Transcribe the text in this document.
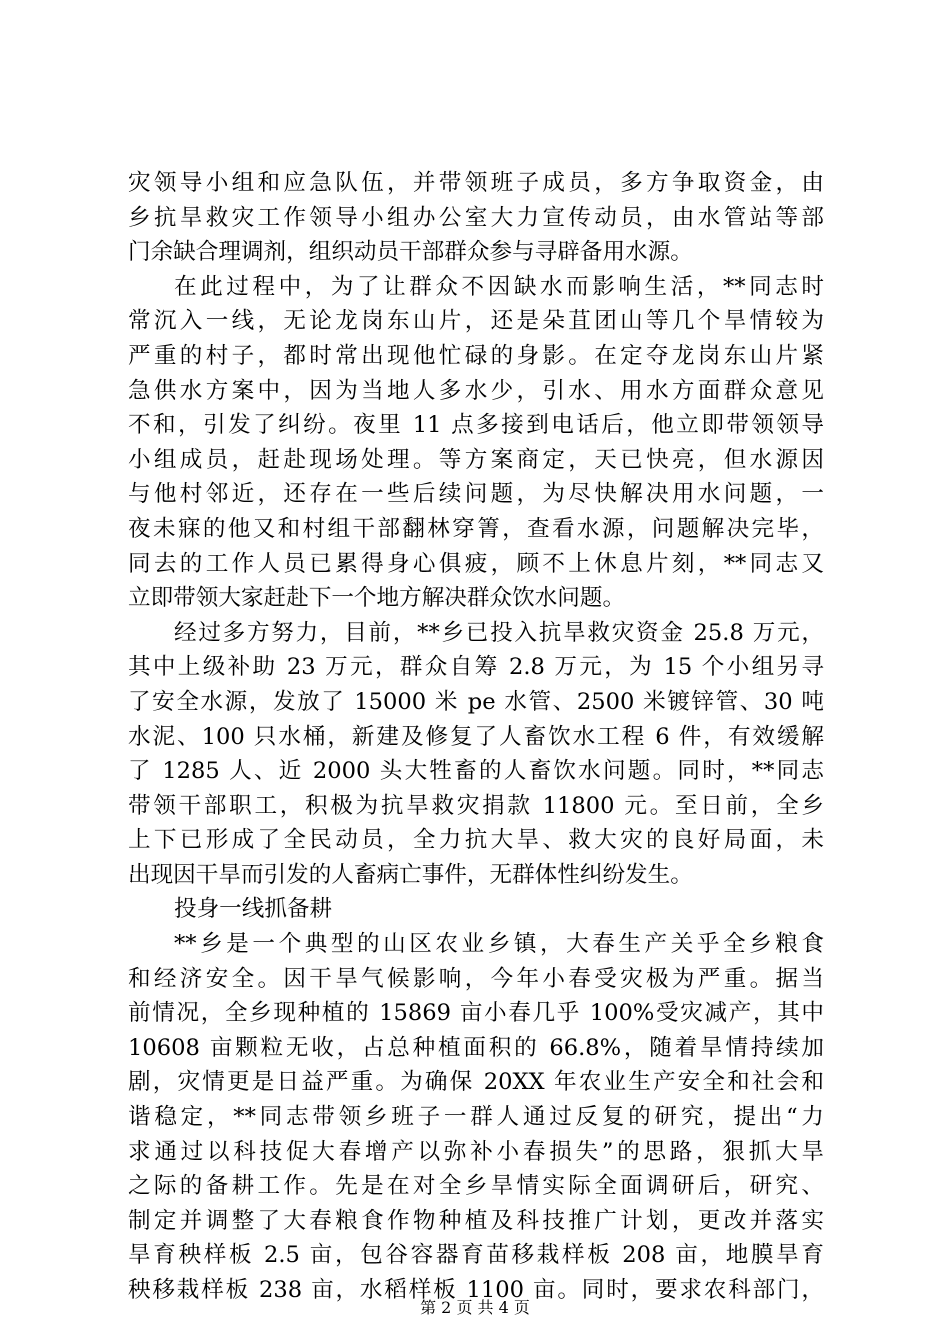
灾领导小组和应急队伍，并带领班子成员，多方争取资金，由
乡抗旱救灾工作领导小组办公室大力宣传动员，由水管站等部
门余缺合理调剂，组织动员干部群众参与寻辟备用水源。
在此过程中，为了让群众不因缺水而影响生活，**同志时
常沉入一线，无论龙岗东山片，还是朵苴团山等几个旱情较为
严重的村子，都时常出现他忙碌的身影。在定夺龙岗东山片紧
急供水方案中，因为当地人多水少，引水、用水方面群众意见
不和，引发了纠纷。夜里 11 点多接到电话后，他立即带领领导
小组成员，赶赴现场处理。等方案商定，天已快亮，但水源因
与他村邻近，还存在一些后续问题，为尽快解决用水问题，一
夜未寐的他又和村组干部翻林穿箐，查看水源，问题解决完毕，
同去的工作人员已累得身心俱疲，顾不上休息片刻，**同志又
立即带领大家赶赴下一个地方解决群众饮水问题。
经过多方努力，目前，**乡已投入抗旱救灾资金 25.8 万元，
其中上级补助 23 万元，群众自筹 2.8 万元，为 15 个小组另寻
了安全水源，发放了 15000 米 pe 水管、2500 米镀锌管、30 吨
水泥、100 只水桶，新建及修复了人畜饮水工程 6 件，有效缓解
了 1285 人、近 2000 头大牲畜的人畜饮水问题。同时，**同志
带领干部职工，积极为抗旱救灾捐款 11800 元。至日前，全乡
上下已形成了全民动员，全力抗大旱、救大灾的良好局面，未
出现因干旱而引发的人畜病亡事件，无群体性纠纷发生。
投身一线抓备耕
**乡是一个典型的山区农业乡镇，大春生产关乎全乡粮食
和经济安全。因干旱气候影响，今年小春受灾极为严重。据当
前情况，全乡现种植的 15869 亩小春几乎 100%受灾减产，其中
10608 亩颗粒无收，占总种植面积的 66.8%，随着旱情持续加
剧，灾情更是日益严重。为确保 20XX 年农业生产安全和社会和
谐稳定，**同志带领乡班子一群人通过反复的研究，提出“力
求通过以科技促大春增产以弥补小春损失”的思路，狠抓大旱
之际的备耕工作。先是在对全乡旱情实际全面调研后，研究、
制定并调整了大春粮食作物种植及科技推广计划，更改并落实
旱育秧样板 2.5 亩，包谷容器育苗移栽样板 208 亩，地膜旱育
秧移栽样板 238 亩，水稻样板 1100 亩。同时，要求农科部门，
第 2 页 共 4 页
